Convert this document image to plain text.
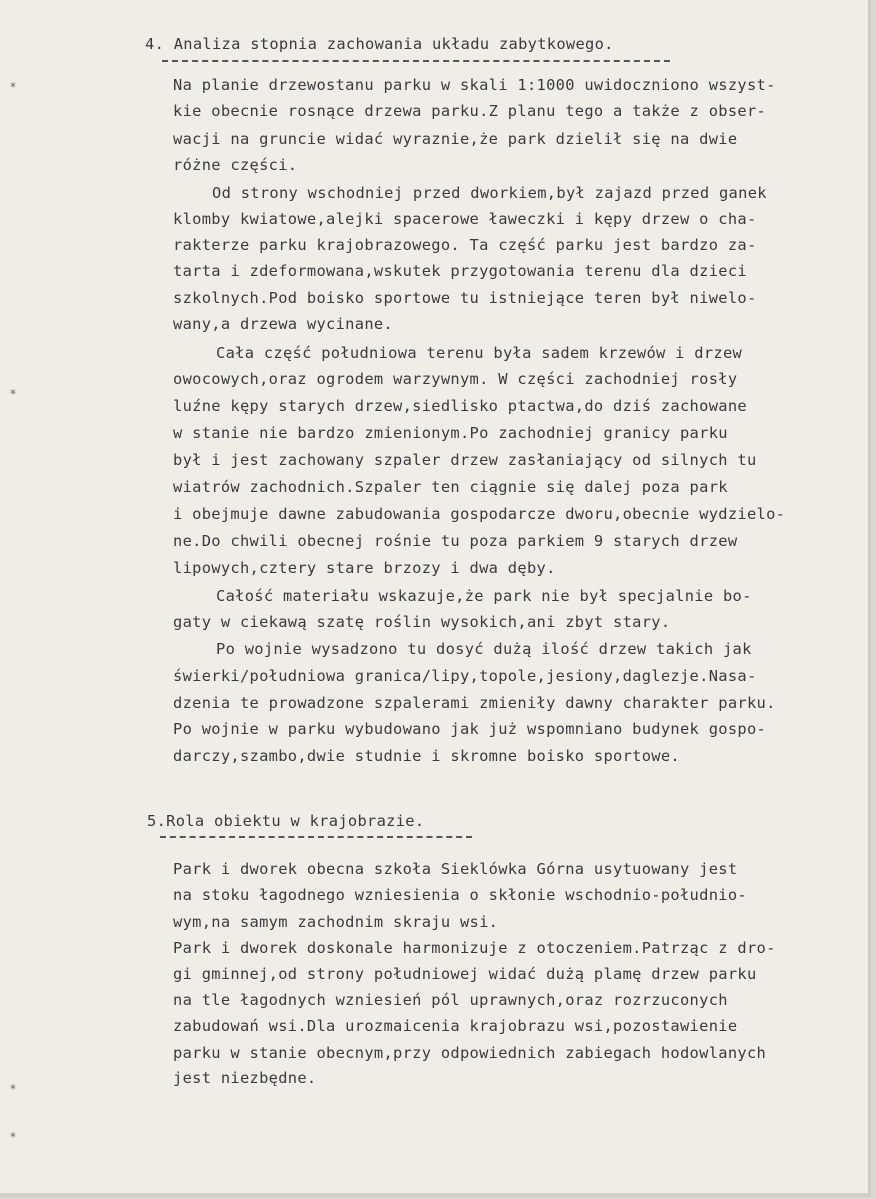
4. Analiza stopnia zachowania układu zabytkowego.
Na planie drzewostanu parku w skali 1:1000 uwidoczniono wszyst-
kie obecnie rosnące drzewa parku.Z planu tego a także z obser-
wacji na gruncie widać wyraznie,że park dzielił się na dwie
różne części.
Od strony wschodniej przed dworkiem,był zajazd przed ganek
klomby kwiatowe,alejki spacerowe ławeczki i kępy drzew o cha-
rakterze parku krajobrazowego. Ta część parku jest bardzo za-
tarta i zdeformowana,wskutek przygotowania terenu dla dzieci
szkolnych.Pod boisko sportowe tu istniejące teren był niwelo-
wany,a drzewa wycinane.
Cała część południowa terenu była sadem krzewów i drzew
owocowych,oraz ogrodem warzywnym. W części zachodniej rosły
luźne kępy starych drzew,siedlisko ptactwa,do dziś zachowane
w stanie nie bardzo zmienionym.Po zachodniej granicy parku
był i jest zachowany szpaler drzew zasłaniający od silnych tu
wiatrów zachodnich.Szpaler ten ciągnie się dalej poza park
i obejmuje dawne zabudowania gospodarcze dworu,obecnie wydzielo-
ne.Do chwili obecnej rośnie tu poza parkiem 9 starych drzew
lipowych,cztery stare brzozy i dwa dęby.
Całość materiału wskazuje,że park nie był specjalnie bo-
gaty w ciekawą szatę roślin wysokich,ani zbyt stary.
Po wojnie wysadzono tu dosyć dużą ilość drzew takich jak
świerki/południowa granica/lipy,topole,jesiony,daglezje.Nasa-
dzenia te prowadzone szpalerami zmieniły dawny charakter parku.
Po wojnie w parku wybudowano jak już wspomniano budynek gospo-
darczy,szambo,dwie studnie i skromne boisko sportowe.
5.Rola obiektu w krajobrazie.
Park i dworek obecna szkoła Sieklówka Górna usytuowany jest
na stoku łagodnego wzniesienia o skłonie wschodnio-południo-
wym,na samym zachodnim skraju wsi.
Park i dworek doskonale harmonizuje z otoczeniem.Patrząc z dro-
gi gminnej,od strony południowej widać dużą plamę drzew parku
na tle łagodnych wzniesień pól uprawnych,oraz rozrzuconych
zabudowań wsi.Dla urozmaicenia krajobrazu wsi,pozostawienie
parku w stanie obecnym,przy odpowiednich zabiegach hodowlanych
jest niezbędne.
*
*
*
*
